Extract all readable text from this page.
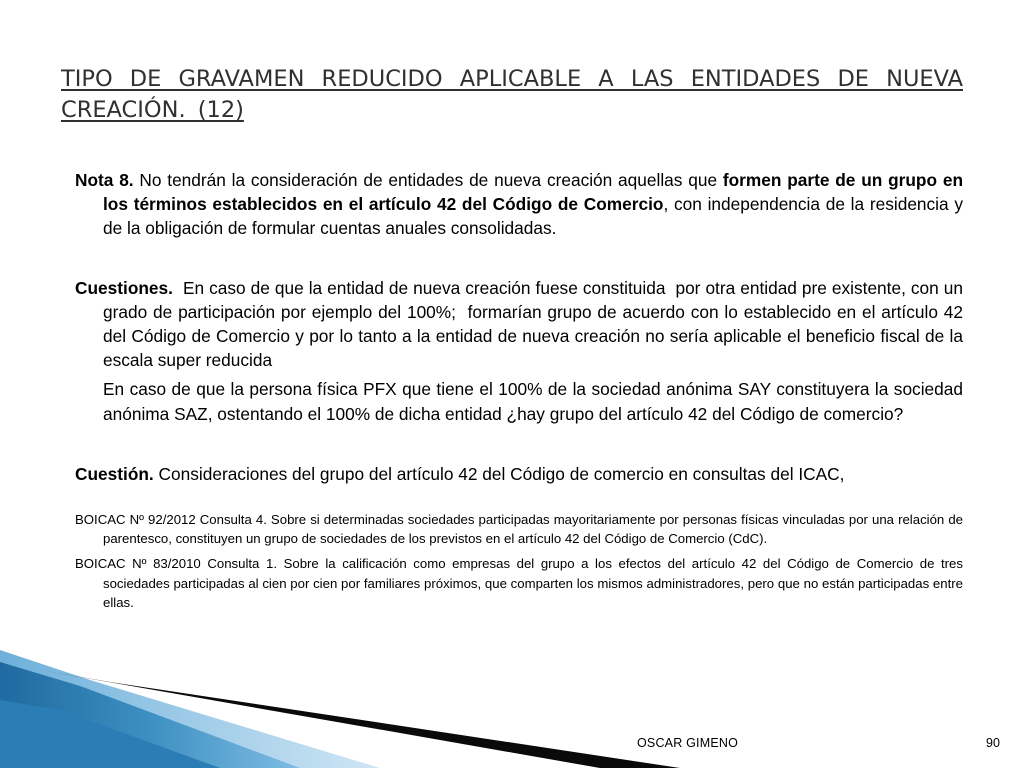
TIPO DE GRAVAMEN REDUCIDO APLICABLE A LAS ENTIDADES DE NUEVA CREACIÓN. (12)

Nota 8. No tendrán la consideración de entidades de nueva creación aquellas que formen parte de un grupo en los términos establecidos en el artículo 42 del Código de Comercio, con independencia de la residencia y de la obligación de formular cuentas anuales consolidadas.

Cuestiones.  En caso de que la entidad de nueva creación fuese constituida  por otra entidad pre existente, con un  grado de participación por ejemplo del 100%;  formarían grupo de acuerdo con lo establecido en el artículo 42 del Código de Comercio y por lo tanto a la entidad de nueva creación no sería aplicable el beneficio fiscal de la escala super reducida

En caso de que la persona física PFX que tiene el 100% de la sociedad anónima SAY constituyera la sociedad anónima SAZ, ostentando el 100% de dicha entidad ¿hay grupo del artículo 42 del Código de comercio?

Cuestión. Consideraciones del grupo del artículo 42 del Código de comercio en consultas del ICAC,

BOICAC Nº 92/2012 Consulta 4. Sobre si determinadas sociedades participadas mayoritariamente por personas físicas vinculadas por una relación de parentesco, constituyen un grupo de sociedades de los previstos en el artículo 42 del Código de Comercio (CdC).

BOICAC Nº 83/2010 Consulta 1. Sobre la calificación como empresas del grupo a los efectos del artículo 42 del Código de Comercio de tres sociedades participadas al cien por cien por familiares próximos, que comparten los mismos administradores, pero que no están participadas entre ellas.

OSCAR GIMENO	90
